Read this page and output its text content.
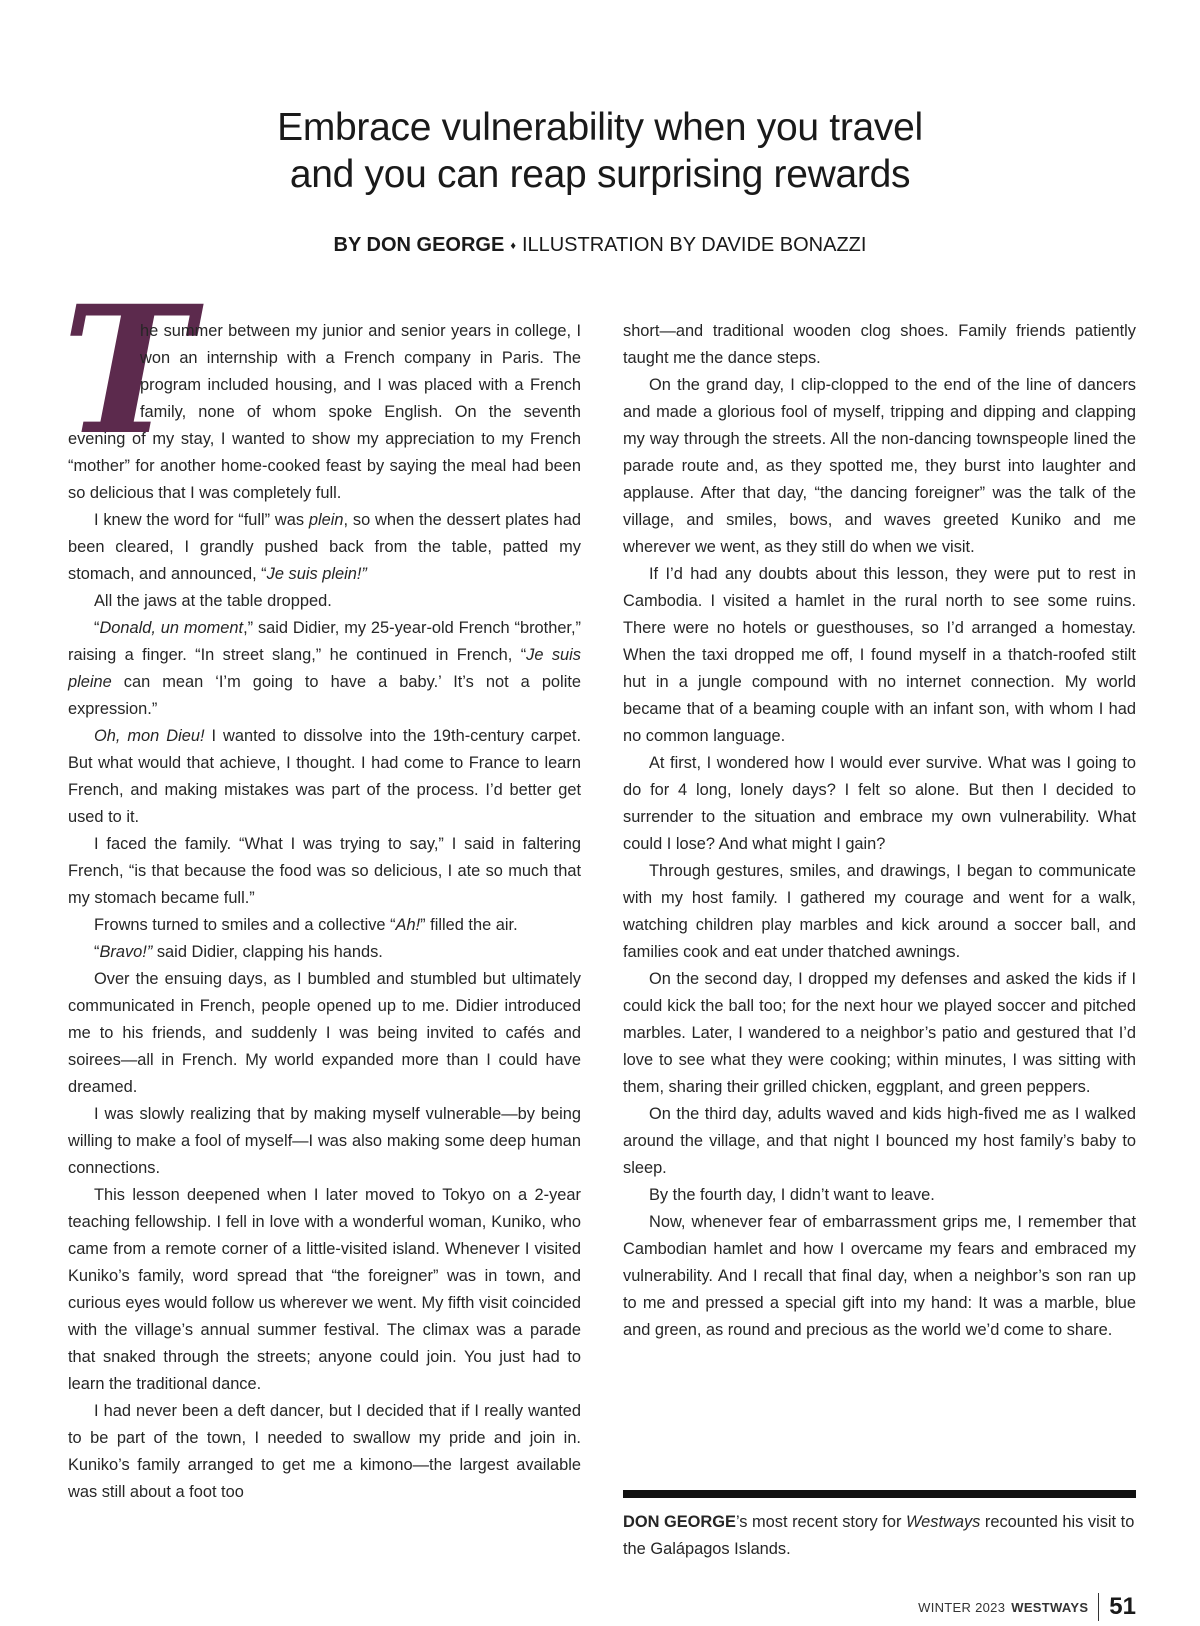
Embrace vulnerability when you travel
and you can reap surprising rewards
BY DON GEORGE ♦ ILLUSTRATION BY DAVIDE BONAZZI

T
he summer between my junior and senior years in college, I won an internship with a French company in Paris. The program included housing, and I was placed with a French family, none of whom spoke English. On the seventh evening of my stay, I wanted to show my appreciation to my French “mother” for another home-cooked feast by saying the meal had been so delicious that I was completely full.

I knew the word for “full” was plein, so when the dessert plates had been cleared, I grandly pushed back from the table, patted my stomach, and announced, “Je suis plein!”

All the jaws at the table dropped.

“Donald, un moment,” said Didier, my 25-year-old French “brother,” raising a finger. “In street slang,” he continued in French, “Je suis pleine can mean ‘I’m going to have a baby.’ It’s not a polite expression.”

Oh, mon Dieu! I wanted to dissolve into the 19th-century carpet. But what would that achieve, I thought. I had come to France to learn French, and making mistakes was part of the process. I’d better get used to it.

I faced the family. “What I was trying to say,” I said in faltering French, “is that because the food was so delicious, I ate so much that my stomach became full.”

Frowns turned to smiles and a collective “Ah!” filled the air.

“Bravo!” said Didier, clapping his hands.

Over the ensuing days, as I bumbled and stumbled but ultimately communicated in French, people opened up to me. Didier introduced me to his friends, and suddenly I was being invited to cafés and soirees—all in French. My world expanded more than I could have dreamed.

I was slowly realizing that by making myself vulnerable—by being willing to make a fool of myself—I was also making some deep human connections.

This lesson deepened when I later moved to Tokyo on a 2-year teaching fellowship. I fell in love with a wonderful woman, Kuniko, who came from a remote corner of a little-visited island. Whenever I visited Kuniko’s family, word spread that “the foreigner” was in town, and curious eyes would follow us wherever we went. My fifth visit coincided with the village’s annual summer festival. The climax was a parade that snaked through the streets; anyone could join. You just had to learn the traditional dance.

I had never been a deft dancer, but I decided that if I really wanted to be part of the town, I needed to swallow my pride and join in. Kuniko’s family arranged to get me a kimono—the largest available was still about a foot too

short—and traditional wooden clog shoes. Family friends patiently taught me the dance steps.

On the grand day, I clip-clopped to the end of the line of dancers and made a glorious fool of myself, tripping and dipping and clapping my way through the streets. All the non-dancing townspeople lined the parade route and, as they spotted me, they burst into laughter and applause. After that day, “the dancing foreigner” was the talk of the village, and smiles, bows, and waves greeted Kuniko and me wherever we went, as they still do when we visit.

If I’d had any doubts about this lesson, they were put to rest in Cambodia. I visited a hamlet in the rural north to see some ruins. There were no hotels or guesthouses, so I’d arranged a homestay. When the taxi dropped me off, I found myself in a thatch-roofed stilt hut in a jungle compound with no internet connection. My world became that of a beaming couple with an infant son, with whom I had no common language.

At first, I wondered how I would ever survive. What was I going to do for 4 long, lonely days? I felt so alone. But then I decided to surrender to the situation and embrace my own vulnerability. What could I lose? And what might I gain?

Through gestures, smiles, and drawings, I began to communicate with my host family. I gathered my courage and went for a walk, watching children play marbles and kick around a soccer ball, and families cook and eat under thatched awnings.

On the second day, I dropped my defenses and asked the kids if I could kick the ball too; for the next hour we played soccer and pitched marbles. Later, I wandered to a neighbor’s patio and gestured that I’d love to see what they were cooking; within minutes, I was sitting with them, sharing their grilled chicken, eggplant, and green peppers.

On the third day, adults waved and kids high-fived me as I walked around the village, and that night I bounced my host family’s baby to sleep.

By the fourth day, I didn’t want to leave.

Now, whenever fear of embarrassment grips me, I remember that Cambodian hamlet and how I overcame my fears and embraced my vulnerability. And I recall that final day, when a neighbor’s son ran up to me and pressed a special gift into my hand: It was a marble, blue and green, as round and precious as the world we’d come to share.

DON GEORGE’s most recent story for Westways recounted his visit to the Galápagos Islands.

WINTER 2023 WESTWAYS 51
